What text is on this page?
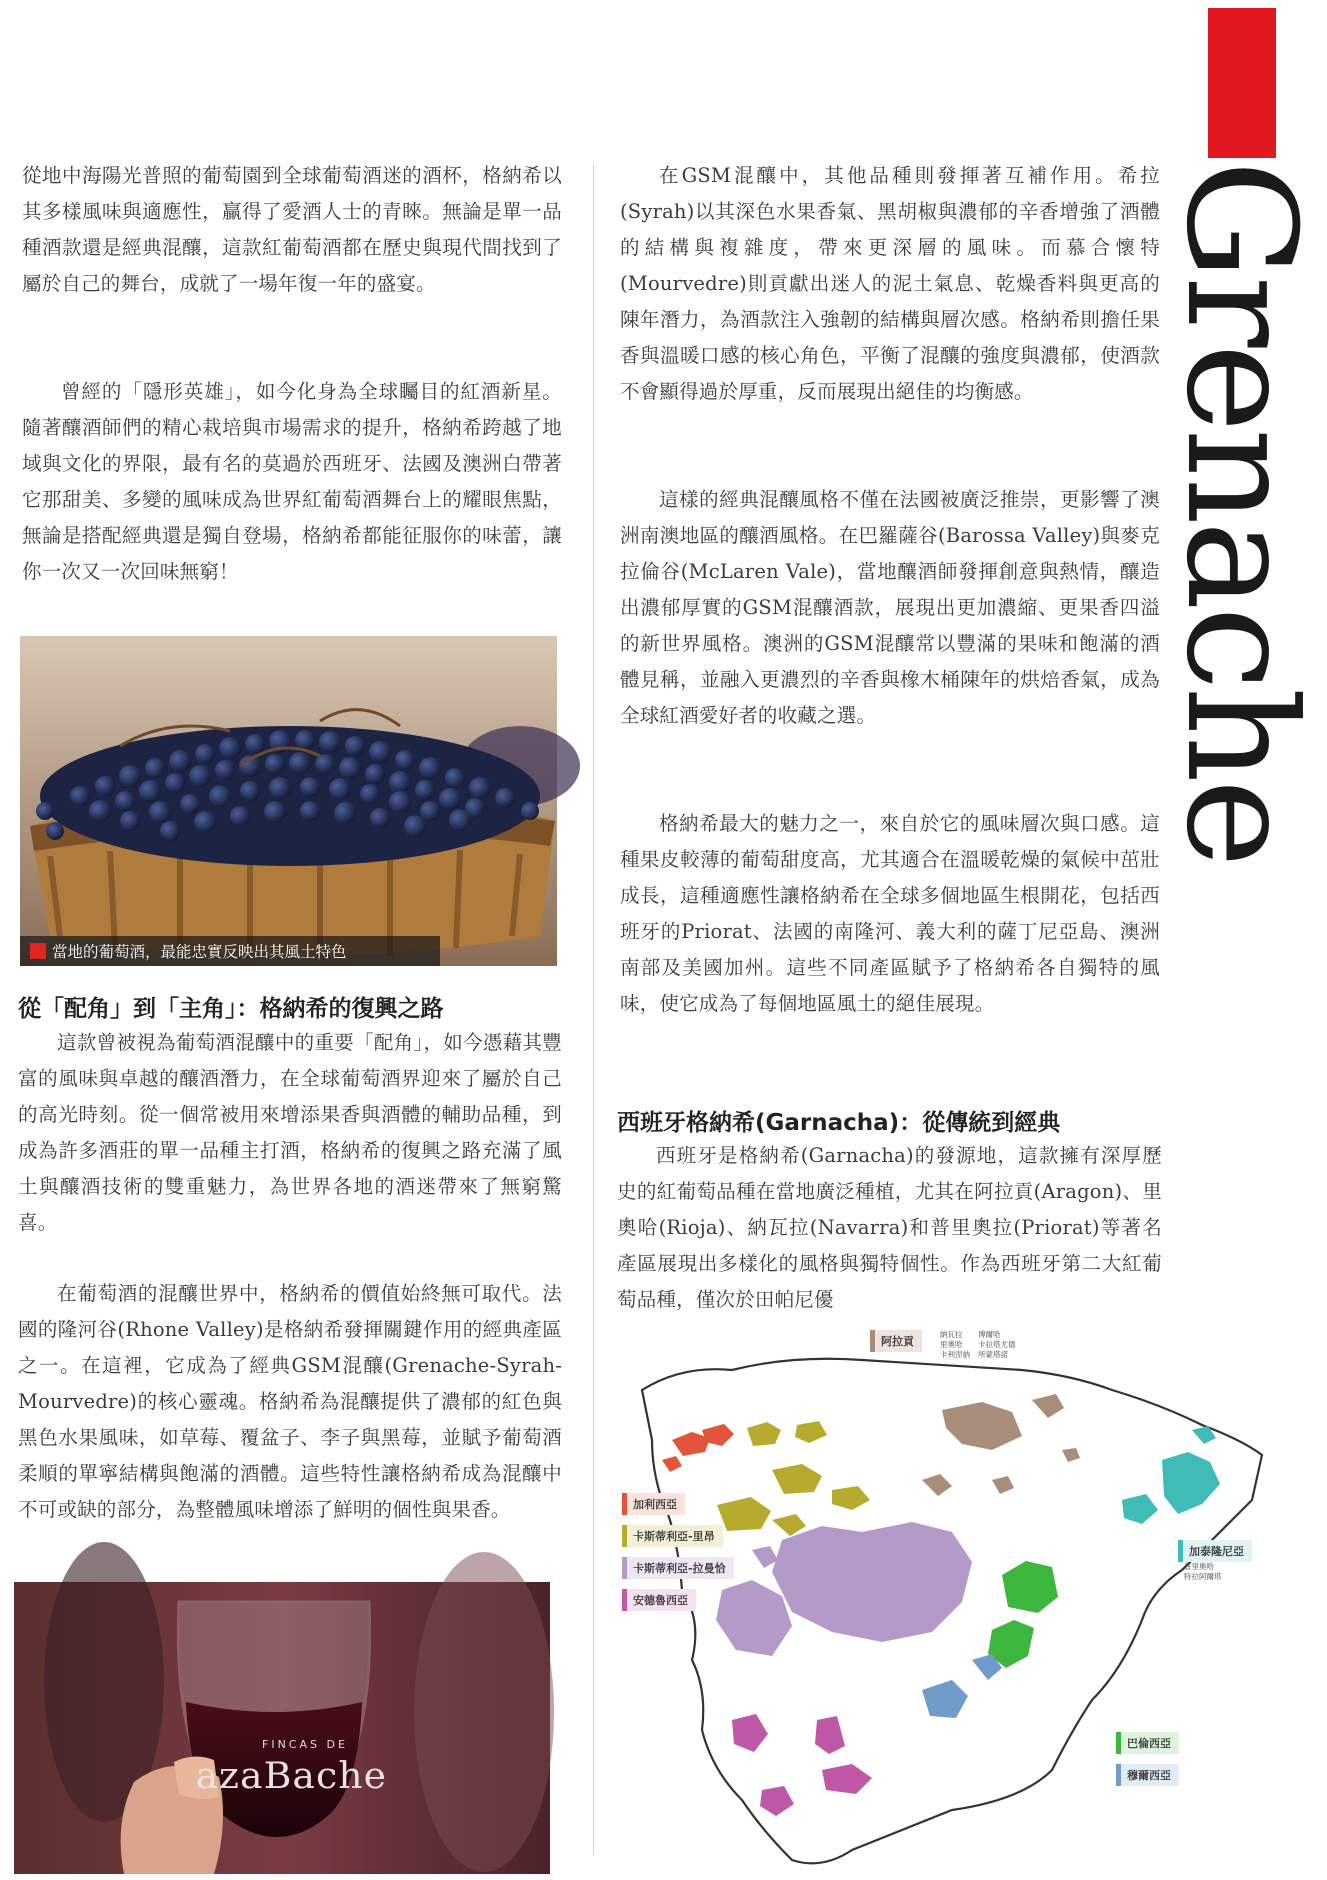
Grenache

從地中海陽光普照的葡萄園到全球葡萄酒迷的酒杯，格納希以其多樣風味與適應性，贏得了愛酒人士的青睞。無論是單一品種酒款還是經典混釀，這款紅葡萄酒都在歷史與現代間找到了屬於自己的舞台，成就了一場年復一年的盛宴。

曾經的「隱形英雄」，如今化身為全球矚目的紅酒新星。隨著釀酒師們的精心栽培與市場需求的提升，格納希跨越了地域與文化的界限，最有名的莫過於西班牙、法國及澳洲白帶著它那甜美、多變的風味成為世界紅葡萄酒舞台上的耀眼焦點，無論是搭配經典還是獨自登場，格納希都能征服你的味蕾，讓你一次又一次回味無窮！

當地的葡萄酒，最能忠實反映出其風土特色
從「配角」到「主角」：格納希的復興之路

這款曾被視為葡萄酒混釀中的重要「配角」，如今憑藉其豐富的風味與卓越的釀酒潛力，在全球葡萄酒界迎來了屬於自己的高光時刻。從一個常被用來增添果香與酒體的輔助品種，到成為許多酒莊的單一品種主打酒，格納希的復興之路充滿了風土與釀酒技術的雙重魅力，為世界各地的酒迷帶來了無窮驚喜。

在葡萄酒的混釀世界中，格納希的價值始終無可取代。法國的隆河谷(Rhone Valley)是格納希發揮關鍵作用的經典產區之一。在這裡，它成為了經典GSM混釀(Grenache-Syrah-Mourvedre)的核心靈魂。格納希為混釀提供了濃郁的紅色與黑色水果風味，如草莓、覆盆子、李子與黑莓，並賦予葡萄酒柔順的單寧結構與飽滿的酒體。這些特性讓格納希成為混釀中不可或缺的部分，為整體風味增添了鮮明的個性與果香。

FINCAS DE
azaBache

在GSM混釀中，其他品種則發揮著互補作用。希拉(Syrah)以其深色水果香氣、黑胡椒與濃郁的辛香增強了酒體的結構與複雜度，帶來更深層的風味。而慕合懷特(Mourvedre)則貢獻出迷人的泥土氣息、乾燥香料與更高的陳年潛力，為酒款注入強韌的結構與層次感。格納希則擔任果香與溫暖口感的核心角色，平衡了混釀的強度與濃郁，使酒款不會顯得過於厚重，反而展現出絕佳的均衡感。

這樣的經典混釀風格不僅在法國被廣泛推崇，更影響了澳洲南澳地區的釀酒風格。在巴羅薩谷(Barossa Valley)與麥克拉倫谷(McLaren Vale)，當地釀酒師發揮創意與熱情，釀造出濃郁厚實的GSM混釀酒款，展現出更加濃縮、更果香四溢的新世界風格。澳洲的GSM混釀常以豐滿的果味和飽滿的酒體見稱，並融入更濃烈的辛香與橡木桶陳年的烘焙香氣，成為全球紅酒愛好者的收藏之選。

格納希最大的魅力之一，來自於它的風味層次與口感。這種果皮較薄的葡萄甜度高，尤其適合在溫暖乾燥的氣候中茁壯成長，這種適應性讓格納希在全球多個地區生根開花，包括西班牙的Priorat、法國的南隆河、義大利的薩丁尼亞島、澳洲南部及美國加州。這些不同產區賦予了格納希各自獨特的風味，使它成為了每個地區風土的絕佳展現。

西班牙格納希(Garnacha)：從傳統到經典

西班牙是格納希(Garnacha)的發源地，這款擁有深厚歷史的紅葡萄品種在當地廣泛種植，尤其在阿拉貢(Aragon)、里奧哈(Rioja)、納瓦拉(Navarra)和普里奧拉(Priorat)等著名產區展現出多樣化的風格與獨特個性。作為西班牙第二大紅葡萄品種，僅次於田帕尼優

阿拉貢
納瓦拉
里奧哈
卡利涅納
博爾哈
卡拉塔尤德
所蒙塔諾
加利西亞
卡斯蒂利亞-里昂
卡斯蒂利亞-拉曼恰
安德魯西亞
加泰隆尼亞
普里奧哈
特拉阿爾塔
巴倫西亞
穆爾西亞
